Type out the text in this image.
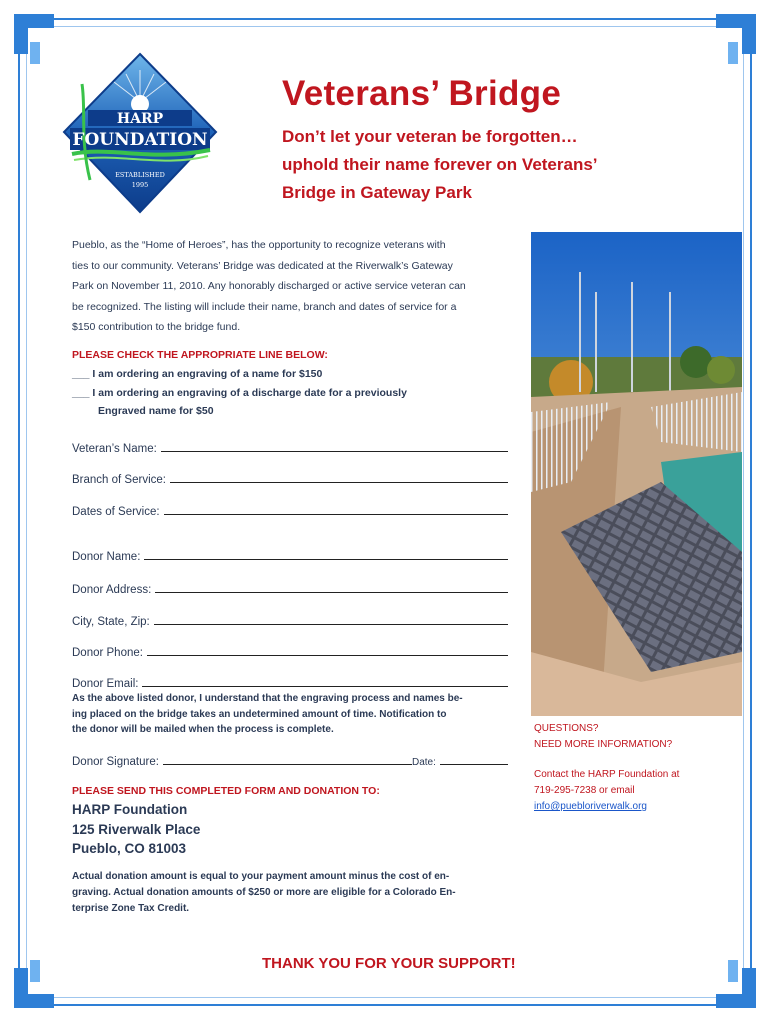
HARP
FOUNDATION
ESTABLISHED
1995
Veterans’ Bridge
Don’t let your veteran be forgotten…
uphold their name forever on Veterans’
Bridge in Gateway Park
Pueblo, as the “Home of Heroes”, has the opportunity to recognize veterans with
ties to our community. Veterans’ Bridge was dedicated at the Riverwalk’s Gateway
Park on November 11, 2010. Any honorably discharged or active service veteran can
be recognized. The listing will include their name, branch and dates of service for a
$150 contribution to the bridge fund.
PLEASE CHECK THE APPROPRIATE LINE BELOW:
___ I am ordering an engraving of a name for $150
___ I am ordering an engraving of a discharge date for a previously
Engraved name for $50
Veteran’s Name:
Branch of Service:
Dates of Service:
Donor Name:
Donor Address:
City, State, Zip:
Donor Phone:
Donor Email:
As the above listed donor, I understand that the engraving process and names be-
ing placed on the bridge takes an undetermined amount of time. Notification to
the donor will be mailed when the process is complete.
Donor Signature:	Date:
PLEASE SEND THIS COMPLETED FORM AND DONATION TO:
HARP Foundation
125 Riverwalk Place
Pueblo, CO 81003
Actual donation amount is equal to your payment amount minus the cost of en-
graving. Actual donation amounts of $250 or more are eligible for a Colorado En-
terprise Zone Tax Credit.
QUESTIONS?
NEED MORE INFORMATION?
Contact the HARP Foundation at
719-295-7238 or email
info@puebloriverwalk.org
THANK YOU FOR YOUR SUPPORT!
